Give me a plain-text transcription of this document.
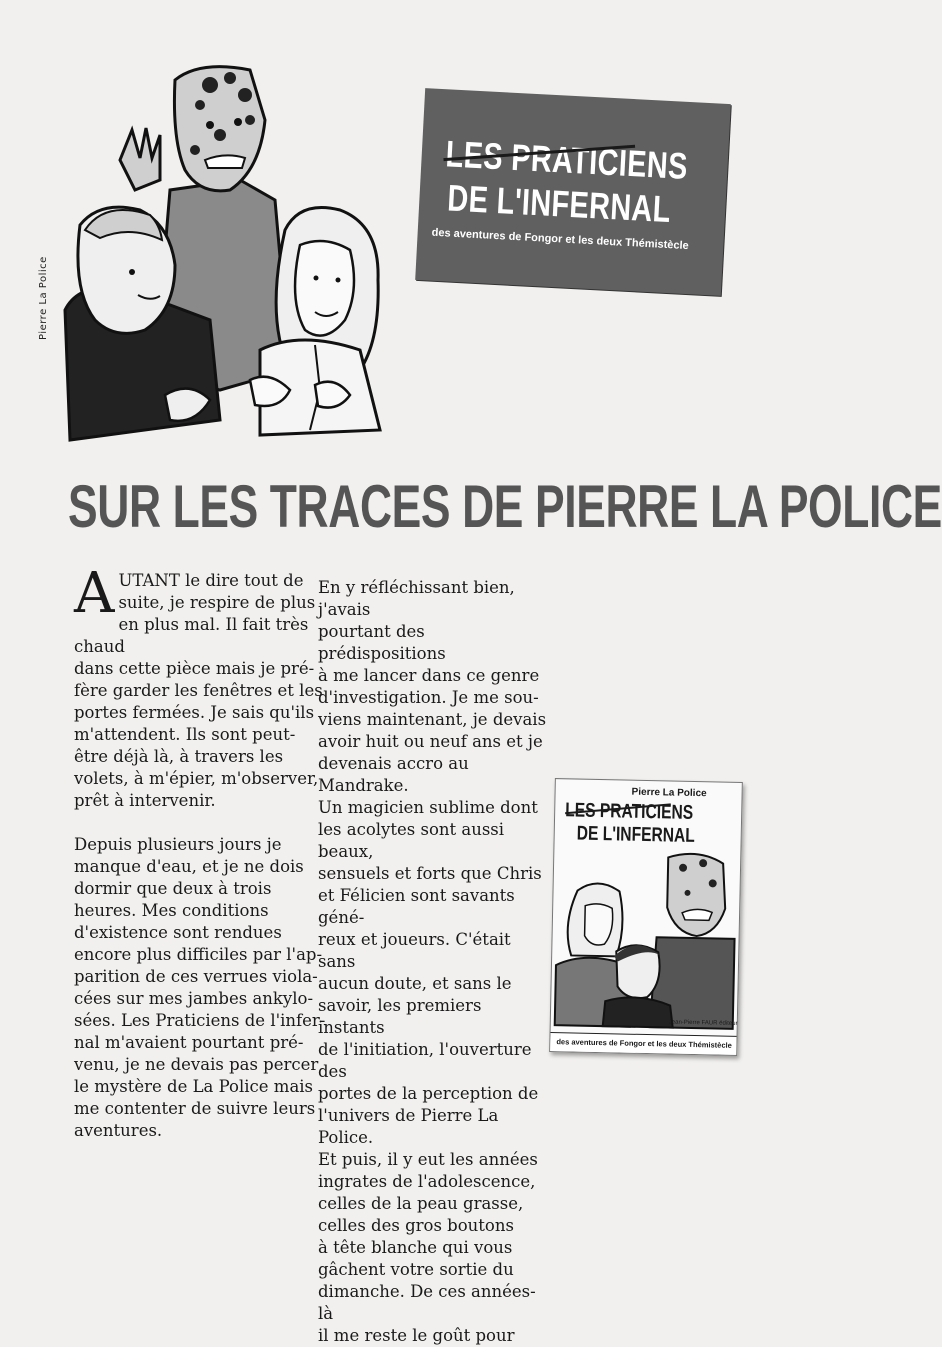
Pierre La Police
LES PRATICIENS
DE L'INFERNAL
des aventures de Fongor et les deux Thémistècle
SUR LES TRACES DE PIERRE LA POLICE
A UTANT le dire tout de

suite, je respire de plus

en plus mal. Il fait très chaud

dans cette pièce mais je pré-

fère garder les fenêtres et les

portes fermées. Je sais qu'ils

m'attendent. Ils sont peut-

être déjà là, à travers les

volets, à m'épier, m'observer,

prêt à intervenir.

Depuis plusieurs jours je

manque d'eau, et je ne dois

dormir que deux à trois

heures. Mes conditions

d'existence sont rendues

encore plus difficiles par l'ap-

parition de ces verrues viola-

cées sur mes jambes ankylo-

sées. Les Praticiens de l'infer-

nal m'avaient pourtant pré-

venu, je ne devais pas percer

le mystère de La Police mais

me contenter de suivre leurs

aventures.

En y réfléchissant bien, j'avais

pourtant des prédispositions

à me lancer dans ce genre

d'investigation. Je me sou-

viens maintenant, je devais

avoir huit ou neuf ans et je

devenais accro au Mandrake.

Un magicien sublime dont

les acolytes sont aussi beaux,

sensuels et forts que Chris

et Félicien sont savants géné-

reux et joueurs. C'était sans

aucun doute, et sans le

savoir, les premiers instants

de l'initiation, l'ouverture des

portes de la perception de

l'univers de Pierre La Police.

Et puis, il y eut les années

ingrates de l'adolescence,

celles de la peau grasse,

celles des gros boutons

à tête blanche qui vous

gâchent votre sortie du

dimanche. De ces années-là

il me reste le goût pour

Pierre La Police
LES PRATICIENS
DE L'INFERNAL
Jean-Pierre FAUR éditeur
des aventures de Fongor et les deux Thémistècle
